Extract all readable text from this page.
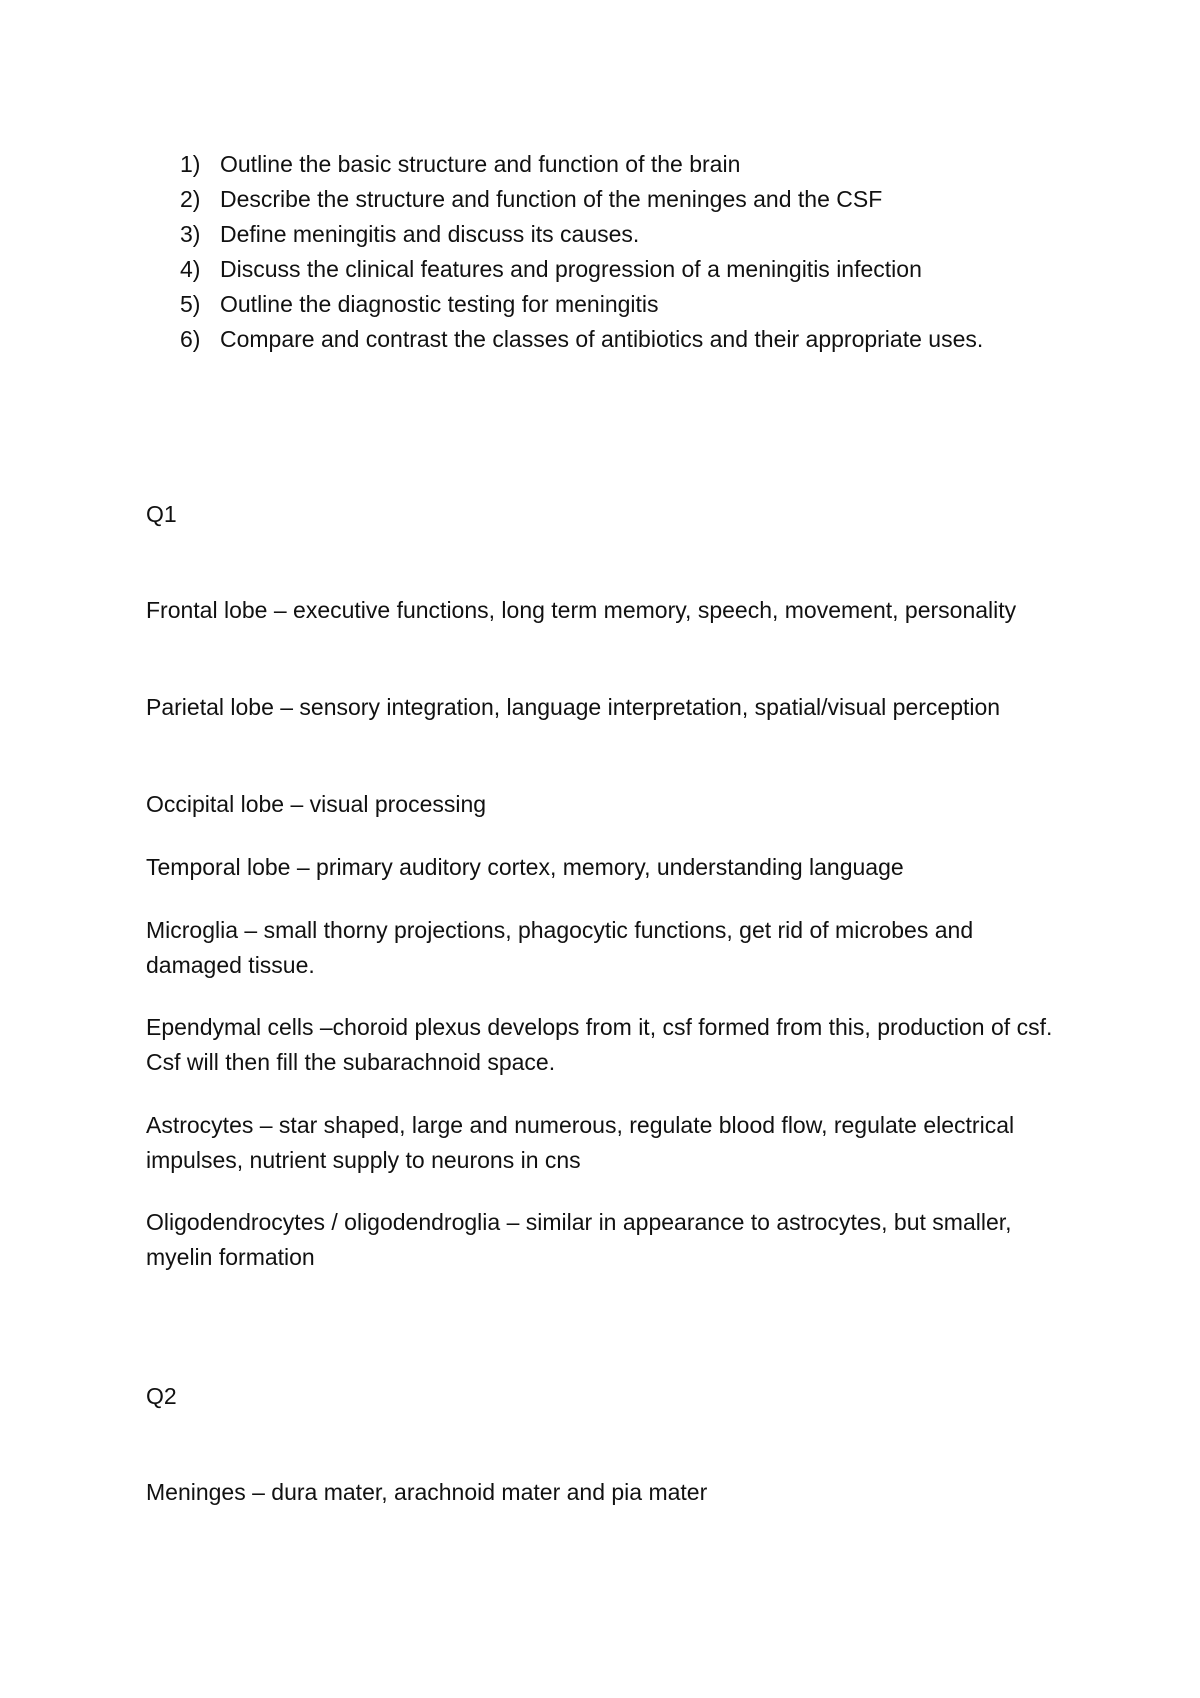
1) Outline the basic structure and function of the brain
2) Describe the structure and function of the meninges and the CSF
3) Define meningitis and discuss its causes.
4) Discuss the clinical features and progression of a meningitis infection
5) Outline the diagnostic testing for meningitis
6) Compare and contrast the classes of antibiotics and their appropriate uses.
Q1

Frontal lobe – executive functions, long term memory, speech, movement, personality

Parietal lobe – sensory integration, language interpretation, spatial/visual perception

Occipital lobe – visual processing

Temporal lobe – primary auditory cortex, memory, understanding language

Microglia – small thorny projections, phagocytic functions, get rid of microbes and damaged tissue.

Ependymal cells –choroid plexus develops from it, csf formed from this, production of csf. Csf will then fill the subarachnoid space.

Astrocytes – star shaped, large and numerous, regulate blood flow, regulate electrical impulses, nutrient supply to neurons in cns

Oligodendrocytes / oligodendroglia – similar in appearance to astrocytes, but smaller, myelin formation

Q2

Meninges – dura mater, arachnoid mater and pia mater
